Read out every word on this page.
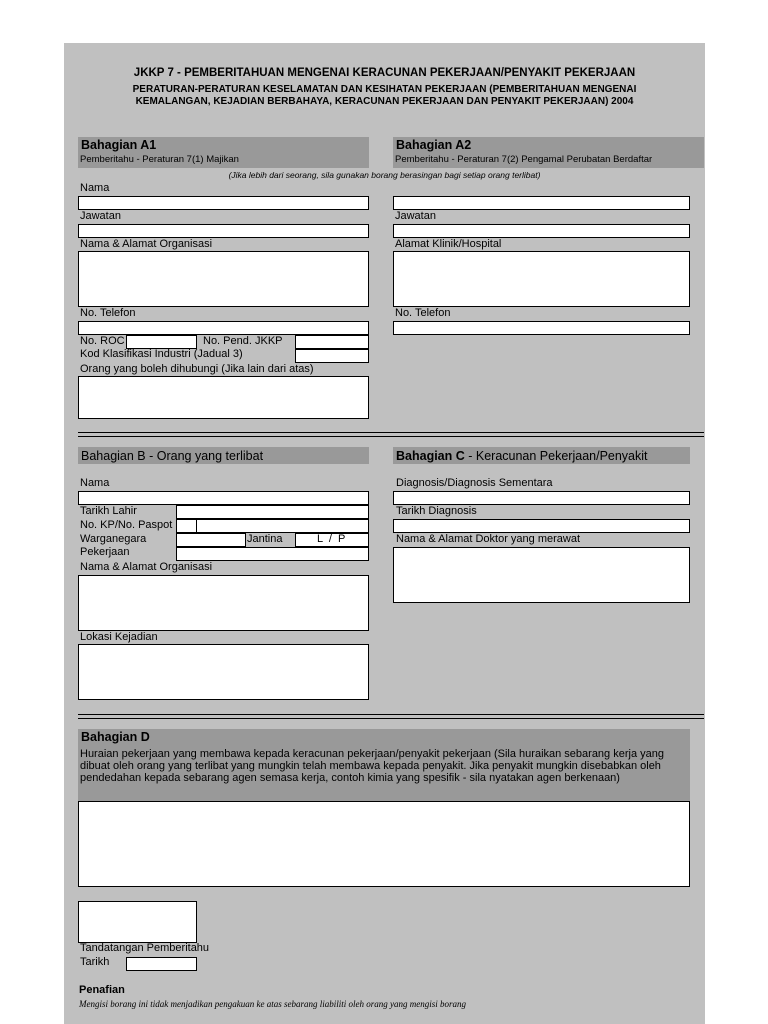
JKKP 7 - PEMBERITAHUAN MENGENAI KERACUNAN PEKERJAAN/PENYAKIT PEKERJAAN
PERATURAN-PERATURAN KESELAMATAN DAN KESIHATAN PEKERJAAN (PEMBERITAHUAN MENGENAI
KEMALANGAN, KEJADIAN BERBAHAYA, KERACUNAN PEKERJAAN DAN PENYAKIT PEKERJAAN) 2004
Bahagian A1
Pemberitahu - Peraturan 7(1) Majikan
Bahagian A2
Pemberitahu - Peraturan 7(2) Pengamal Perubatan Berdaftar
(Jika lebih dari seorang, sila gunakan borang berasingan bagi setiap orang terlibat)
Nama
Jawatan
Nama & Alamat Organisasi
No. Telefon
No. ROC	No. Pend. JKKP
Kod Klasifikasi Industri (Jadual 3)
Orang yang boleh dihubungi (Jika lain dari atas)
Jawatan
Alamat Klinik/Hospital
No. Telefon
Bahagian B - Orang yang terlibat	Bahagian C - Keracunan Pekerjaan/Penyakit
Nama
Tarikh Lahir
No. KP/No. Paspot
Warganegara	Jantina	L  /  P
Pekerjaan
Nama & Alamat Organisasi
Lokasi Kejadian
Diagnosis/Diagnosis Sementara
Tarikh Diagnosis
Nama & Alamat Doktor yang merawat
Bahagian D
Huraian pekerjaan yang membawa kepada keracunan pekerjaan/penyakit pekerjaan (Sila huraikan sebarang kerja yang dibuat oleh orang yang terlibat yang mungkin telah membawa kepada penyakit. Jika penyakit mungkin disebabkan oleh pendedahan kepada sebarang agen semasa kerja, contoh kimia yang spesifik - sila nyatakan agen berkenaan)
Tandatangan Pemberitahu
Tarikh
Penafian
Mengisi borang ini tidak menjadikan pengakuan ke atas sebarang liabiliti oleh orang yang mengisi borang
